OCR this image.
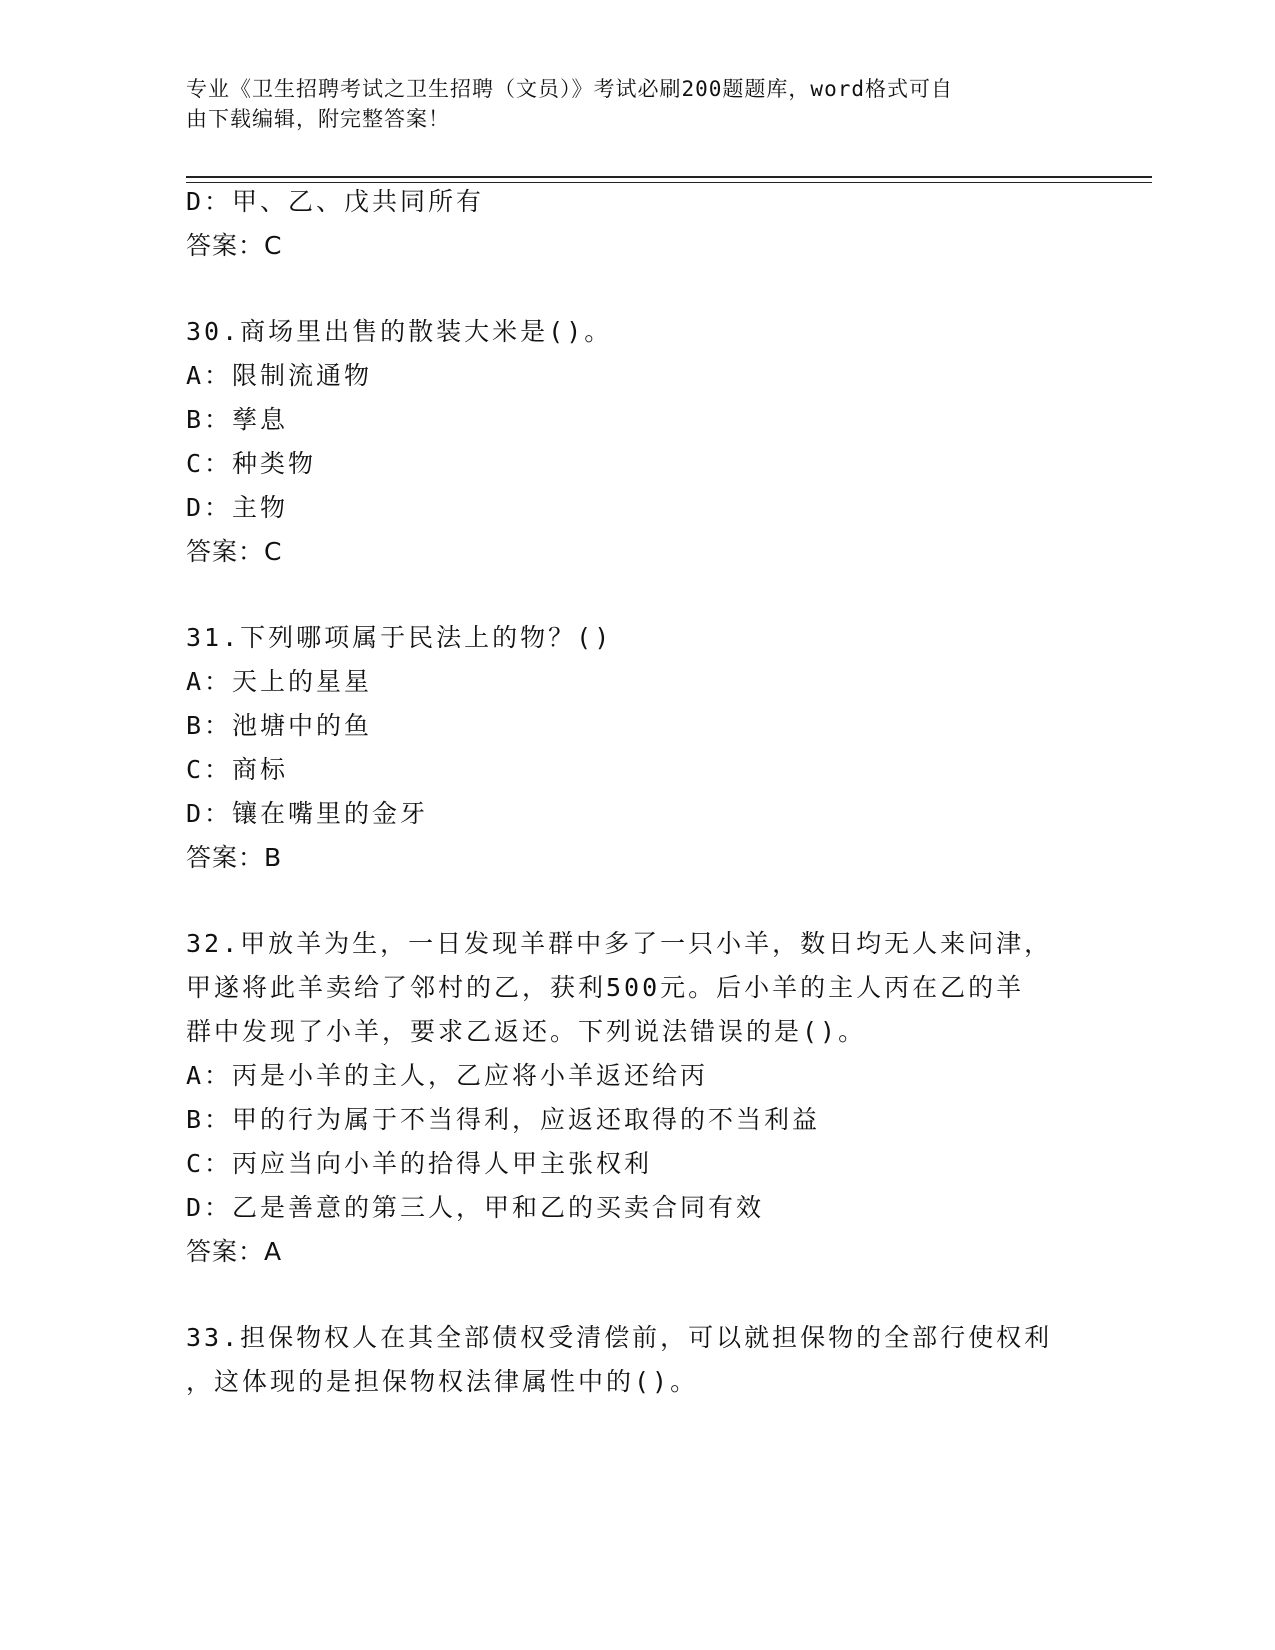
专业《卫生招聘考试之卫生招聘（文员）》考试必刷200题题库，word格式可自

由下载编辑，附完整答案！

D：甲、乙、戊共同所有
答案：C
30.商场里出售的散装大米是()。
A：限制流通物
B：孳息
C：种类物
D：主物
答案：C
31.下列哪项属于民法上的物？()
A：天上的星星
B：池塘中的鱼
C：商标
D：镶在嘴里的金牙
答案：B
32.甲放羊为生，一日发现羊群中多了一只小羊，数日均无人来问津，
甲遂将此羊卖给了邻村的乙，获利500元。后小羊的主人丙在乙的羊
群中发现了小羊，要求乙返还。下列说法错误的是()。
A：丙是小羊的主人，乙应将小羊返还给丙
B：甲的行为属于不当得利，应返还取得的不当利益
C：丙应当向小羊的拾得人甲主张权利
D：乙是善意的第三人，甲和乙的买卖合同有效
答案：A
33.担保物权人在其全部债权受清偿前，可以就担保物的全部行使权利
，这体现的是担保物权法律属性中的()。
